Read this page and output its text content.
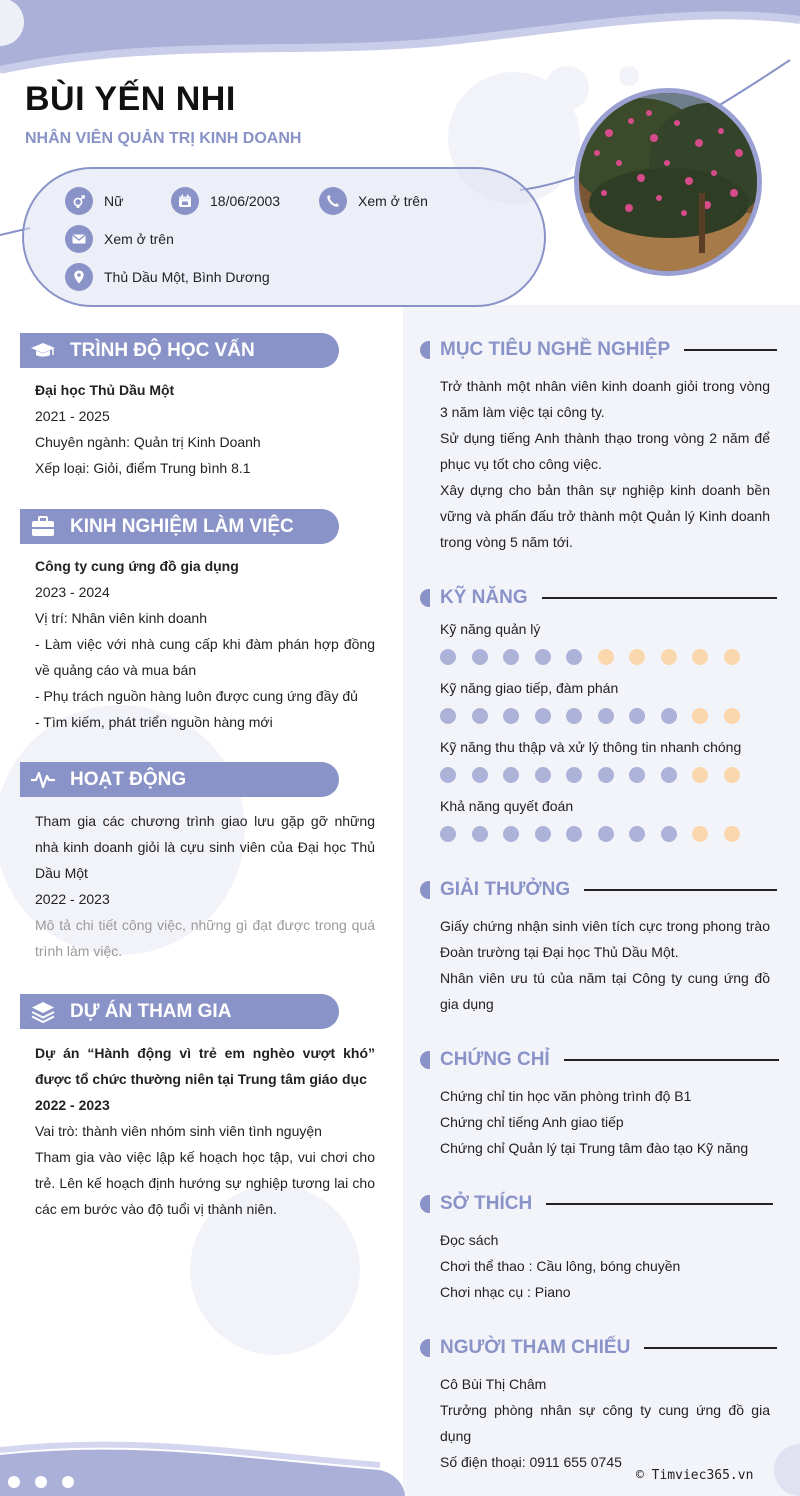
BÙI YẾN NHI
NHÂN VIÊN QUẢN TRỊ KINH DOANH
Nữ	18/06/2003	Xem ở trên
Xem ở trên
Thủ Dầu Một, Bình Dương
TRÌNH ĐỘ HỌC VẤN

Đại học Thủ Dầu Một

2021 - 2025

Chuyên ngành: Quản trị Kinh Doanh

Xếp loại: Giỏi, điểm Trung bình 8.1

KINH NGHIỆM LÀM VIỆC

Công ty cung ứng đồ gia dụng

2023 - 2024

Vị trí: Nhân viên kinh doanh

- Làm việc với nhà cung cấp khi đàm phán hợp đồng về quảng cáo và mua bán

- Phụ trách nguồn hàng luôn được cung ứng đầy đủ

- Tìm kiếm, phát triển nguồn hàng mới

HOẠT ĐỘNG

Tham gia các chương trình giao lưu gặp gỡ những nhà kinh doanh giỏi là cựu sinh viên của Đại học Thủ Dầu Một

2022 - 2023

Mô tả chi tiết công việc, những gì đạt được trong quá trình làm việc.

DỰ ÁN THAM GIA

Dự án “Hành động vì trẻ em nghèo vượt khó” được tổ chức thường niên tại Trung tâm giáo dục

2022 - 2023

Vai trò: thành viên nhóm sinh viên tình nguyện

Tham gia vào việc lập kế hoạch học tập, vui chơi cho trẻ. Lên kế hoạch định hướng sự nghiệp tương lai cho các em bước vào độ tuổi vị thành niên.

MỤC TIÊU NGHỀ NGHIỆP

Trở thành một nhân viên kinh doanh giỏi trong vòng 3 năm làm việc tại công ty.

Sử dụng tiếng Anh thành thạo trong vòng 2 năm để phục vụ tốt cho công việc.

Xây dựng cho bản thân sự nghiệp kinh doanh bền vững và phấn đấu trở thành một Quản lý Kinh doanh trong vòng 5 năm tới.

KỸ NĂNG
Kỹ năng quản lý
Kỹ năng giao tiếp, đàm phán
Kỹ năng thu thập và xử lý thông tin nhanh chóng
Khả năng quyết đoán
GIẢI THƯỞNG

Giấy chứng nhận sinh viên tích cực trong phong trào Đoàn trường tại Đại học Thủ Dầu Một.

Nhân viên ưu tú của năm tại Công ty cung ứng đồ gia dụng

CHỨNG CHỈ

Chứng chỉ tin học văn phòng trình độ B1

Chứng chỉ tiếng Anh giao tiếp

Chứng chỉ Quản lý tại Trung tâm đào tạo Kỹ năng

SỞ THÍCH

Đọc sách

Chơi thể thao : Cầu lông, bóng chuyền

Chơi nhạc cụ : Piano

NGƯỜI THAM CHIẾU

Cô Bùi Thị Châm

Trưởng phòng nhân sự công ty cung ứng đồ gia dụng

Số điện thoại: 0911 655 0745

© Timviec365.vn
